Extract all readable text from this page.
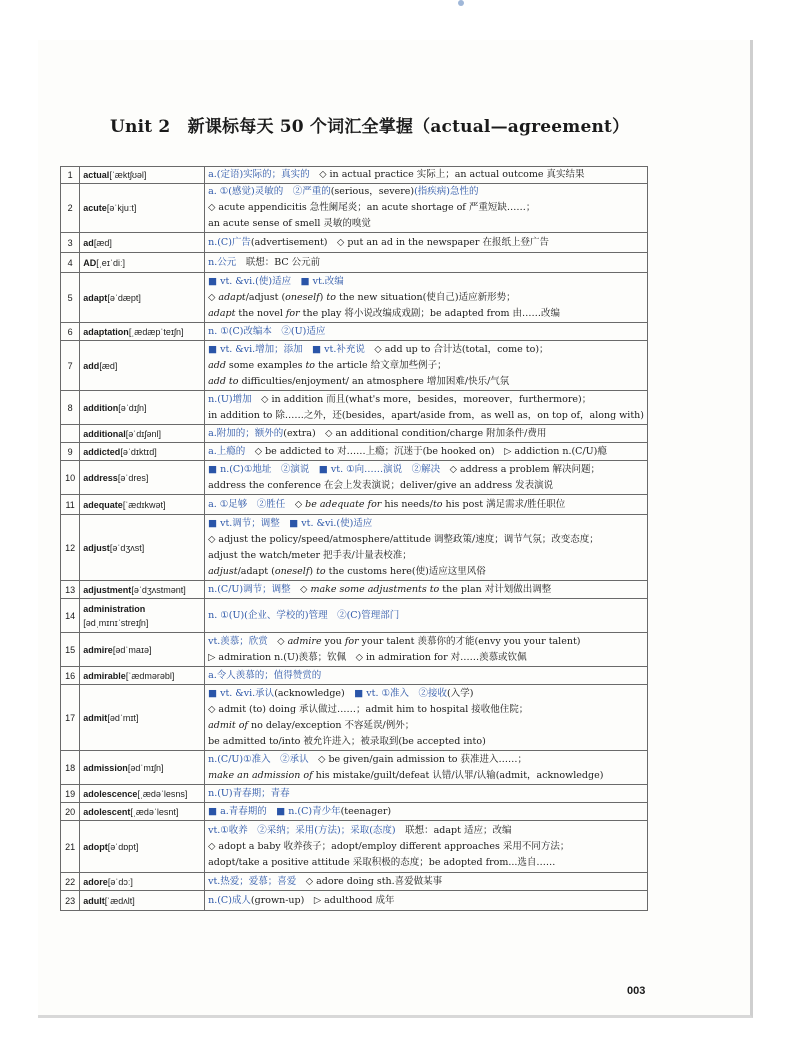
Unit 2　新课标每天 50 个词汇全掌握（actual—agreement）
1	actual[ˈæktʃʊəl]	a.(定语)实际的；真实的　◇ in actual practice 实际上；an actual outcome 真实结果

2	acute[əˈkjuːt]	a. ①(感觉)灵敏的　②严重的(serious，severe)(指疾病)急性的
◇ acute appendicitis 急性阑尾炎；an acute shortage of 严重短缺……；
an acute sense of smell 灵敏的嗅觉

3	ad[æd]	n.(C)广告(advertisement)　◇ put an ad in the newspaper 在报纸上登广告

4	AD[ˌeɪˈdiː]	n.公元　联想：BC 公元前

5	adapt[əˈdæpt]	■ vt. &vi.(使)适应　■ vt.改编
◇ adapt/adjust (oneself) to the new situation(使自己)适应新形势；
adapt the novel for the play 将小说改编成戏剧；be adapted from 由……改编

6	adaptation[ˌædæpˈteɪʃn]	n. ①(C)改编本　②(U)适应

7	add[æd]	■ vt. &vi.增加；添加　■ vt.补充说　◇ add up to 合计达(total，come to)；
add some examples to the article 给文章加些例子；
add to difficulties/enjoyment/ an atmosphere 增加困难/快乐/气氛

8	addition[əˈdɪʃn]	n.(U)增加　◇ in addition 而且(what's more，besides，moreover，furthermore)；
in addition to 除……之外，还(besides，apart/aside from，as well as，on top of，along with)

	additional[əˈdɪʃənl]	a.附加的；额外的(extra)　◇ an additional condition/charge 附加条件/费用

9	addicted[əˈdɪktɪd]	a.上瘾的　◇ be addicted to 对……上瘾；沉迷于(be hooked on)　▷ addiction n.(C/U)瘾

10	address[əˈdres]	■ n.(C)①地址　②演说　■ vt. ①向……演说　②解决　◇ address a problem 解决问题；
address the conference 在会上发表演说；deliver/give an address 发表演说

11	adequate[ˈædɪkwət]	a. ①足够　②胜任　◇ be adequate for his needs/to his post 满足需求/胜任职位

12	adjust[əˈdʒʌst]	■ vt.调节；调整　■ vt. &vi.(使)适应
◇ adjust the policy/speed/atmosphere/attitude 调整政策/速度；调节气氛；改变态度；
adjust the watch/meter 把手表/计量表校准；
adjust/adapt (oneself) to the customs here(使)适应这里风俗

13	adjustment[əˈdʒʌstmənt]	n.(C/U)调节；调整　◇ make some adjustments to the plan 对计划做出调整

14	administration
[ədˌmɪnɪˈstreɪʃn]	n. ①(U)(企业、学校的)管理　②(C)管理部门

15	admire[ədˈmaɪə]	vt.羡慕；欣赏　◇ admire you for your talent 羡慕你的才能(envy you your talent)
▷ admiration n.(U)羡慕；钦佩　◇ in admiration for 对……羡慕或钦佩

16	admirable[ˈædmərəbl]	a.令人羡慕的；值得赞赏的

17	admit[ədˈmɪt]	■ vt. &vi.承认(acknowledge)　■ vt. ①准入　②接收(入学)
◇ admit (to) doing 承认做过……；admit him to hospital 接收他住院；
admit of no delay/exception 不容延误/例外；
be admitted to/into 被允许进入；被录取到(be accepted into)

18	admission[ədˈmɪʃn]	n.(C/U)①准入　②承认　◇ be given/gain admission to 获准进入……；
make an admission of his mistake/guilt/defeat 认错/认罪/认输(admit，acknowledge)

19	adolescence[ˌædəˈlesns]	n.(U)青春期；青春

20	adolescent[ˌædəˈlesnt]	■ a.青春期的　■ n.(C)青少年(teenager)

21	adopt[əˈdɒpt]	vt.①收养　②采纳；采用(方法)；采取(态度)　联想：adapt 适应；改编
◇ adopt a baby 收养孩子；adopt/employ different approaches 采用不同方法；
adopt/take a positive attitude 采取积极的态度；be adopted from...选自……

22	adore[əˈdɔː]	vt.热爱；爱慕；喜爱　◇ adore doing sth.喜爱做某事

23	adult[ˈædʌlt]	n.(C)成人(grown-up)　▷ adulthood 成年
003
